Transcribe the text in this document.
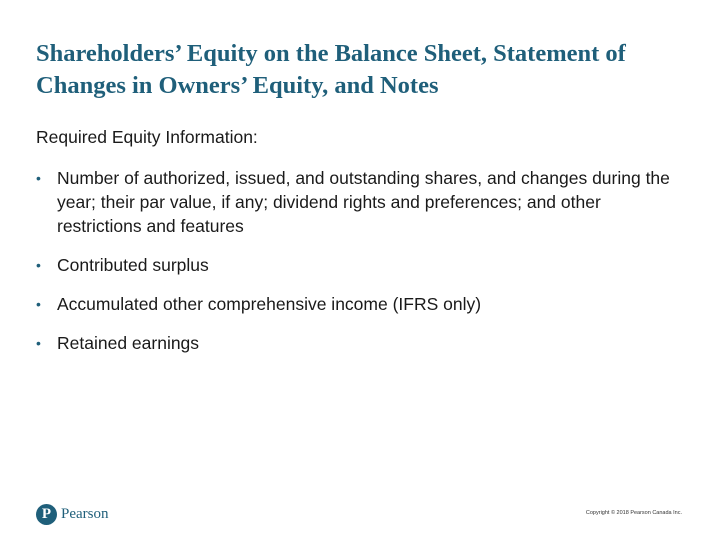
Shareholders’ Equity on the Balance Sheet, Statement of Changes in Owners’ Equity, and Notes

Required Equity Information:

• Number of authorized, issued, and outstanding shares, and changes during the year; their par value, if any; dividend rights and preferences; and other restrictions and features
• Contributed surplus
• Accumulated other comprehensive income (IFRS only)
• Retained earnings
P Pearson	Copyright © 2018 Pearson Canada Inc.
